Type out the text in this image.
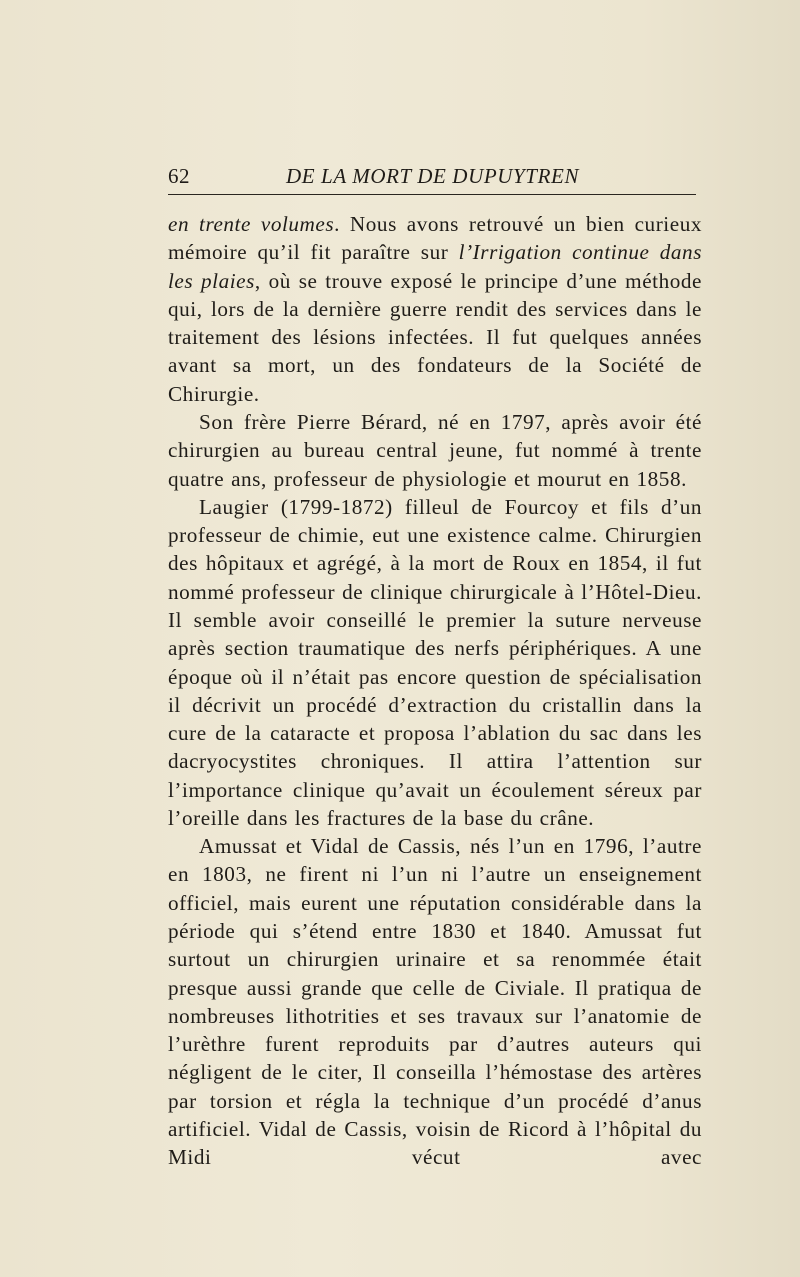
62	DE LA MORT DE DUPUYTREN

en trente volumes. Nous avons retrouvé un bien curieux mémoire qu’il fit paraître sur l’Irrigation continue dans les plaies, où se trouve exposé le principe d’une méthode qui, lors de la dernière guerre rendit des services dans le traitement des lésions infectées. Il fut quelques années avant sa mort, un des fondateurs de la Société de Chirurgie.

Son frère Pierre Bérard, né en 1797, après avoir été chirurgien au bureau central jeune, fut nommé à trente quatre ans, professeur de physiologie et mourut en 1858.

Laugier (1799-1872) filleul de Fourcoy et fils d’un professeur de chimie, eut une existence calme. Chirurgien des hôpitaux et agrégé, à la mort de Roux en 1854, il fut nommé professeur de clinique chirurgicale à l’Hôtel-Dieu. Il semble avoir conseillé le premier la suture nerveuse après section traumatique des nerfs périphériques. A une époque où il n’était pas encore question de spécialisation il décrivit un procédé d’extraction du cristallin dans la cure de la cataracte et proposa l’ablation du sac dans les dacryocystites chroniques. Il attira l’attention sur l’importance clinique qu’avait un écoulement séreux par l’oreille dans les fractures de la base du crâne.

Amussat et Vidal de Cassis, nés l’un en 1796, l’autre en 1803, ne firent ni l’un ni l’autre un enseignement officiel, mais eurent une réputation considérable dans la période qui s’étend entre 1830 et 1840. Amussat fut surtout un chirurgien urinaire et sa renommée était presque aussi grande que celle de Civiale. Il pratiqua de nombreuses lithotrities et ses travaux sur l’anatomie de l’urèthre furent reproduits par d’autres auteurs qui négligent de le citer, Il conseilla l’hémostase des artères par torsion et régla la technique d’un procédé d’anus artificiel. Vidal de Cassis, voisin de Ricord à l’hôpital du Midi vécut avec
